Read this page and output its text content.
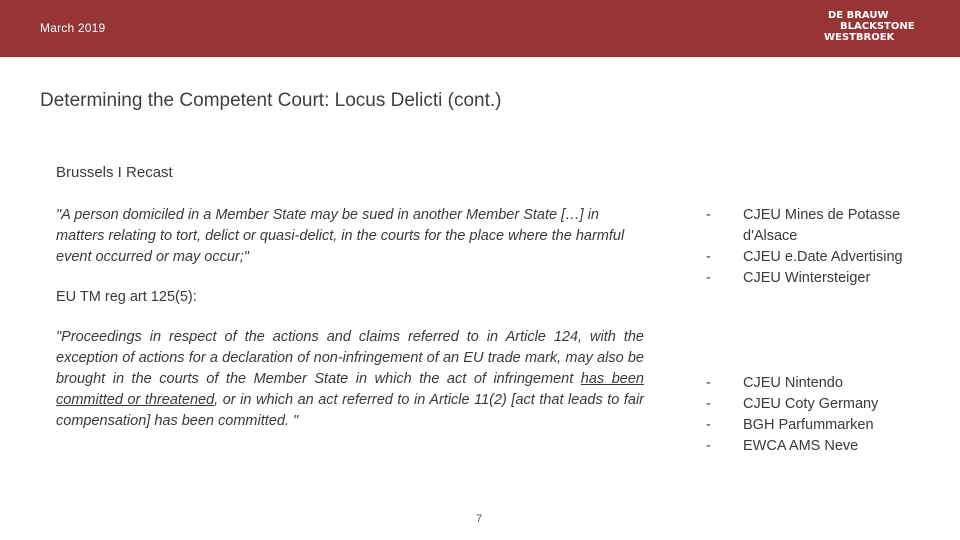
March 2019
DE BRAUW
BLACKSTONE
WESTBROEK
Determining the Competent Court: Locus Delicti (cont.)
Brussels I Recast

"A person domiciled in a Member State may be sued in another Member State […] in matters relating to tort, delict or quasi-delict, in the courts for the place where the harmful event occurred or may occur;"

EU TM reg art 125(5):

"Proceedings in respect of the actions and claims referred to in Article 124, with the exception of actions for a declaration of non-infringement of an EU trade mark, may also be brought in the courts of the Member State in which the act of infringement has been committed or threatened, or in which an act referred to in Article 11(2) [act that leads to fair compensation] has been committed. "

-	CJEU Mines de Potasse d'Alsace
-	CJEU e.Date Advertising
-	CJEU Wintersteiger
-	CJEU Nintendo
-	CJEU Coty Germany
-	BGH Parfummarken
-	EWCA AMS Neve
7
